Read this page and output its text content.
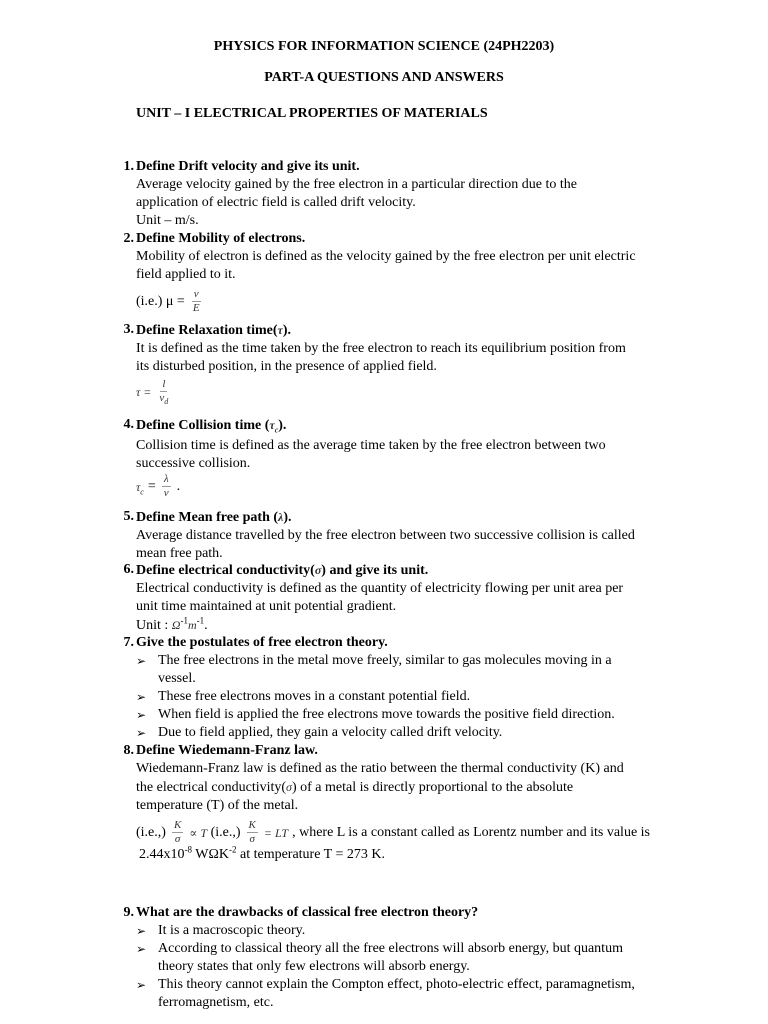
PHYSICS FOR INFORMATION SCIENCE (24PH2203)
PART-A QUESTIONS AND ANSWERS
UNIT – I ELECTRICAL PROPERTIES OF MATERIALS
1. Define Drift velocity and give its unit.
Average velocity gained by the free electron in a particular direction due to the
application of electric field is called drift velocity.
Unit – m/s.
2. Define Mobility of electrons.
Mobility of electron is defined as the velocity gained by the free electron per unit electric
field applied to it.
(i.e.) $\mu = \frac{v}{E}$
3. Define Relaxation time(τ).
It is defined as the time taken by the free electron to reach its equilibrium position from
its disturbed position, in the presence of applied field.
$\tau = \frac{l}{v_d}$
4. Define Collision time $(\tau_c)$.
Collision time is defined as the average time taken by the free electron between two
successive collision.
$\tau_c = \frac{\lambda}{v}$ .
5. Define Mean free path (λ).
Average distance travelled by the free electron between two successive collision is called
mean free path.
6. Define electrical conductivity(σ) and give its unit.
Electrical conductivity is defined as the quantity of electricity flowing per unit area per
unit time maintained at unit potential gradient.
Unit : $\Omega^{-1}m^{-1}$.
7. Give the postulates of free electron theory.
➢ The free electrons in the metal move freely, similar to gas molecules moving in a
vessel.
➢ These free electrons moves in a constant potential field.
➢ When field is applied the free electrons move towards the positive field direction.
➢ Due to field applied, they gain a velocity called drift velocity.
8. Define Wiedemann-Franz law.
Wiedemann-Franz law is defined as the ratio between the thermal conductivity (K) and
the electrical conductivity(σ) of a metal is directly proportional to the absolute
temperature (T) of the metal.
$(i.e.,) \frac{K}{\sigma} \propto T$
$(i.e.,) \frac{K}{\sigma}$ = LT , where L is a constant called as Lorentz number and its value is
$2.44x10^{-8}$ $W\Omega K^{-2}$ at temperature T = 273 K.
9. What are the drawbacks of classical free electron theory?
➢ It is a macroscopic theory.
➢ According to classical theory all the free electrons will absorb energy, but quantum
theory states that only few electrons will absorb energy.
➢ This theory cannot explain the Compton effect, photo-electric effect, paramagnetism,
ferromagnetism, etc.
